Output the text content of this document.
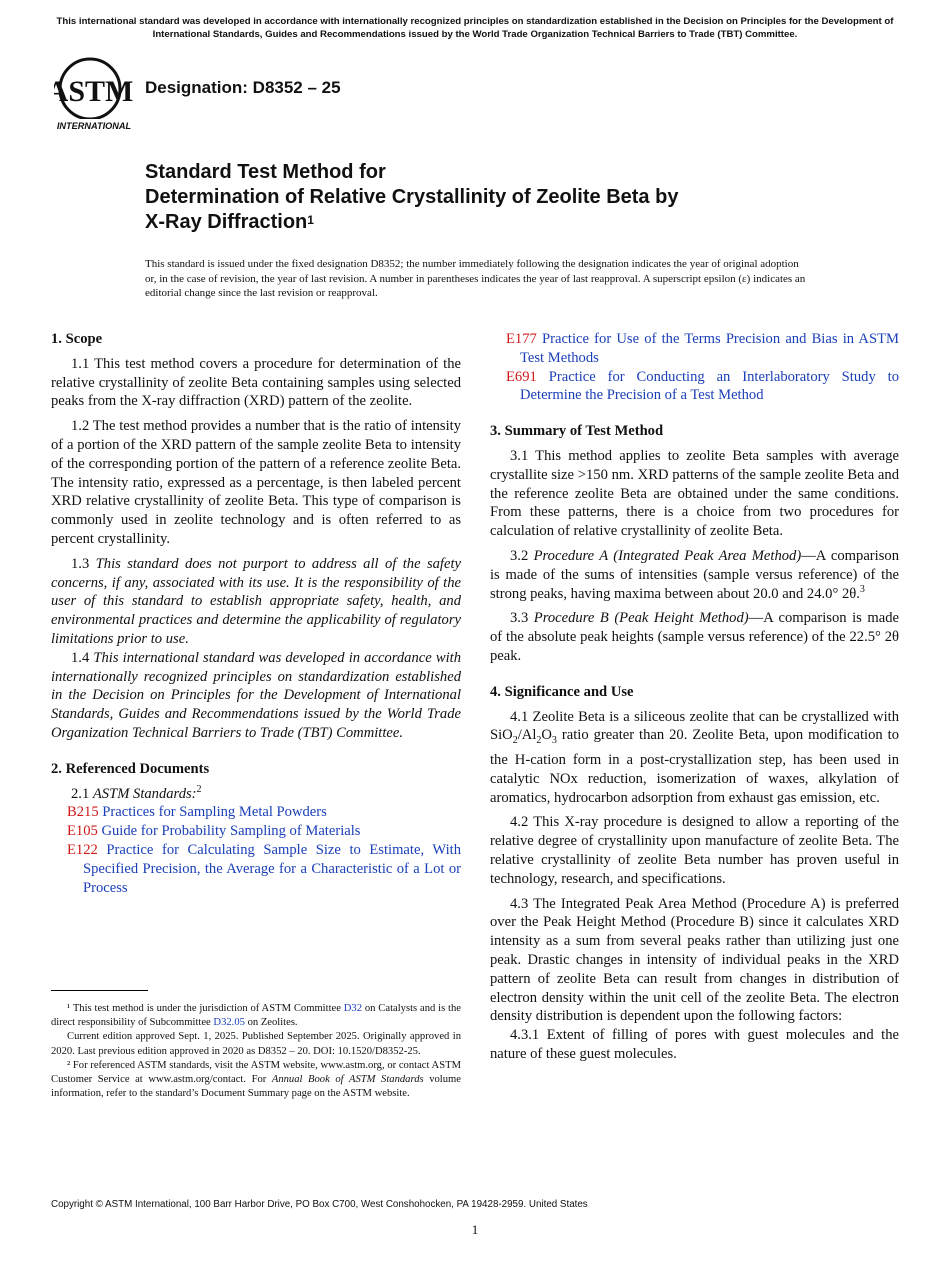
This international standard was developed in accordance with internationally recognized principles on standardization established in the Decision on Principles for the Development of International Standards, Guides and Recommendations issued by the World Trade Organization Technical Barriers to Trade (TBT) Committee.
ASTM
INTERNATIONAL
Designation: D8352 – 25
Standard Test Method for
Determination of Relative Crystallinity of Zeolite Beta by
X-Ray Diffraction$^1$
This standard is issued under the fixed designation D8352; the number immediately following the designation indicates the year of original adoption or, in the case of revision, the year of last revision. A number in parentheses indicates the year of last reapproval. A superscript epsilon (ε) indicates an editorial change since the last revision or reapproval.

1. Scope

1.1 This test method covers a procedure for determination of the relative crystallinity of zeolite Beta containing samples using selected peaks from the X-ray diffraction (XRD) pattern of the zeolite.

1.2 The test method provides a number that is the ratio of intensity of a portion of the XRD pattern of the sample zeolite Beta to intensity of the corresponding portion of the pattern of a reference zeolite Beta. The intensity ratio, expressed as a percentage, is then labeled percent XRD relative crystallinity of zeolite Beta. This type of comparison is commonly used in zeolite technology and is often referred to as percent crystallinity.

1.3 This standard does not purport to address all of the safety concerns, if any, associated with its use. It is the responsibility of the user of this standard to establish appropriate safety, health, and environmental practices and determine the applicability of regulatory limitations prior to use.

1.4 This international standard was developed in accordance with internationally recognized principles on standardization established in the Decision on Principles for the Development of International Standards, Guides and Recommendations issued by the World Trade Organization Technical Barriers to Trade (TBT) Committee.

2. Referenced Documents

2.1 ASTM Standards:$^2$

B215 Practices for Sampling Metal Powders

E105 Guide for Probability Sampling of Materials

E122 Practice for Calculating Sample Size to Estimate, With Specified Precision, the Average for a Characteristic of a Lot or Process

¹ This test method is under the jurisdiction of ASTM Committee D32 on Catalysts and is the direct responsibility of Subcommittee D32.05 on Zeolites.

Current edition approved Sept. 1, 2025. Published September 2025. Originally approved in 2020. Last previous edition approved in 2020 as D8352 – 20. DOI: 10.1520/D8352-25.

² For referenced ASTM standards, visit the ASTM website, www.astm.org, or contact ASTM Customer Service at www.astm.org/contact. For Annual Book of ASTM Standards volume information, refer to the standard’s Document Summary page on the ASTM website.

E177 Practice for Use of the Terms Precision and Bias in ASTM Test Methods

E691 Practice for Conducting an Interlaboratory Study to Determine the Precision of a Test Method

3. Summary of Test Method

3.1 This method applies to zeolite Beta samples with average crystallite size >150 nm. XRD patterns of the sample zeolite Beta and the reference zeolite Beta are obtained under the same conditions. From these patterns, there is a choice from two procedures for calculation of relative crystallinity of zeolite Beta.

3.2 Procedure A (Integrated Peak Area Method)—A comparison is made of the sums of intensities (sample versus reference) of the strong peaks, having maxima between about 20.0 and 24.0° 2θ.$^3$

3.3 Procedure B (Peak Height Method)—A comparison is made of the absolute peak heights (sample versus reference) of the 22.5° 2θ peak.

4. Significance and Use

4.1 Zeolite Beta is a siliceous zeolite that can be crystallized with $SiO_2/Al_2O_3$ ratio greater than 20. Zeolite Beta, upon modification to the H-cation form in a post-crystallization step, has been used in catalytic NOx reduction, isomerization of waxes, alkylation of aromatics, hydrocarbon adsorption from exhaust gas emission, etc.

4.2 This X-ray procedure is designed to allow a reporting of the relative degree of crystallinity upon manufacture of zeolite Beta. The relative crystallinity of zeolite Beta number has proven useful in technology, research, and specifications.

4.3 The Integrated Peak Area Method (Procedure A) is preferred over the Peak Height Method (Procedure B) since it calculates XRD intensity as a sum from several peaks rather than utilizing just one peak. Drastic changes in intensity of individual peaks in the XRD pattern of zeolite Beta can result from changes in distribution of electron density within the unit cell of the zeolite Beta. The electron density distribution is dependent upon the following factors:

4.3.1 Extent of filling of pores with guest molecules and the nature of these guest molecules.

Copyright © ASTM International, 100 Barr Harbor Drive, PO Box C700, West Conshohocken, PA 19428-2959. United States
1
